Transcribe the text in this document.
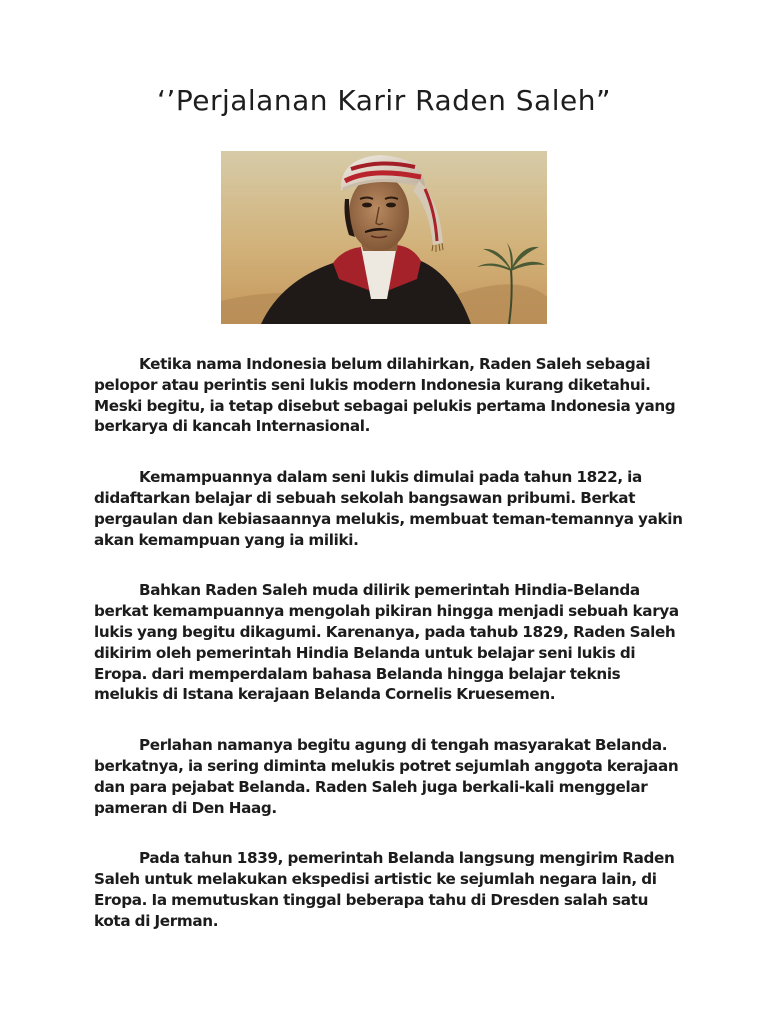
‘’Perjalanan Karir Raden Saleh”

Ketika nama Indonesia belum dilahirkan, Raden Saleh sebagai pelopor atau perintis seni lukis modern Indonesia kurang diketahui. Meski begitu, ia tetap disebut sebagai pelukis pertama Indonesia yang berkarya di kancah Internasional.

Kemampuannya dalam seni lukis dimulai pada tahun 1822, ia didaftarkan belajar di sebuah sekolah bangsawan pribumi. Berkat pergaulan dan kebiasaannya melukis, membuat teman-temannya yakin akan kemampuan yang ia miliki.

Bahkan Raden Saleh muda dilirik pemerintah Hindia-Belanda berkat kemampuannya mengolah pikiran hingga menjadi sebuah karya lukis yang begitu dikagumi. Karenanya, pada tahub 1829, Raden Saleh dikirim oleh pemerintah Hindia Belanda untuk belajar seni lukis di Eropa. dari memperdalam bahasa Belanda hingga belajar teknis melukis di Istana kerajaan Belanda Cornelis Kruesemen.

Perlahan namanya begitu agung di tengah masyarakat Belanda. berkatnya, ia sering diminta melukis potret sejumlah anggota kerajaan dan para pejabat Belanda. Raden Saleh juga berkali-kali menggelar pameran di Den Haag.

Pada tahun 1839, pemerintah Belanda langsung mengirim Raden Saleh untuk melakukan ekspedisi artistic ke sejumlah negara lain, di Eropa. Ia memutuskan tinggal beberapa tahu di Dresden salah satu kota di Jerman.
